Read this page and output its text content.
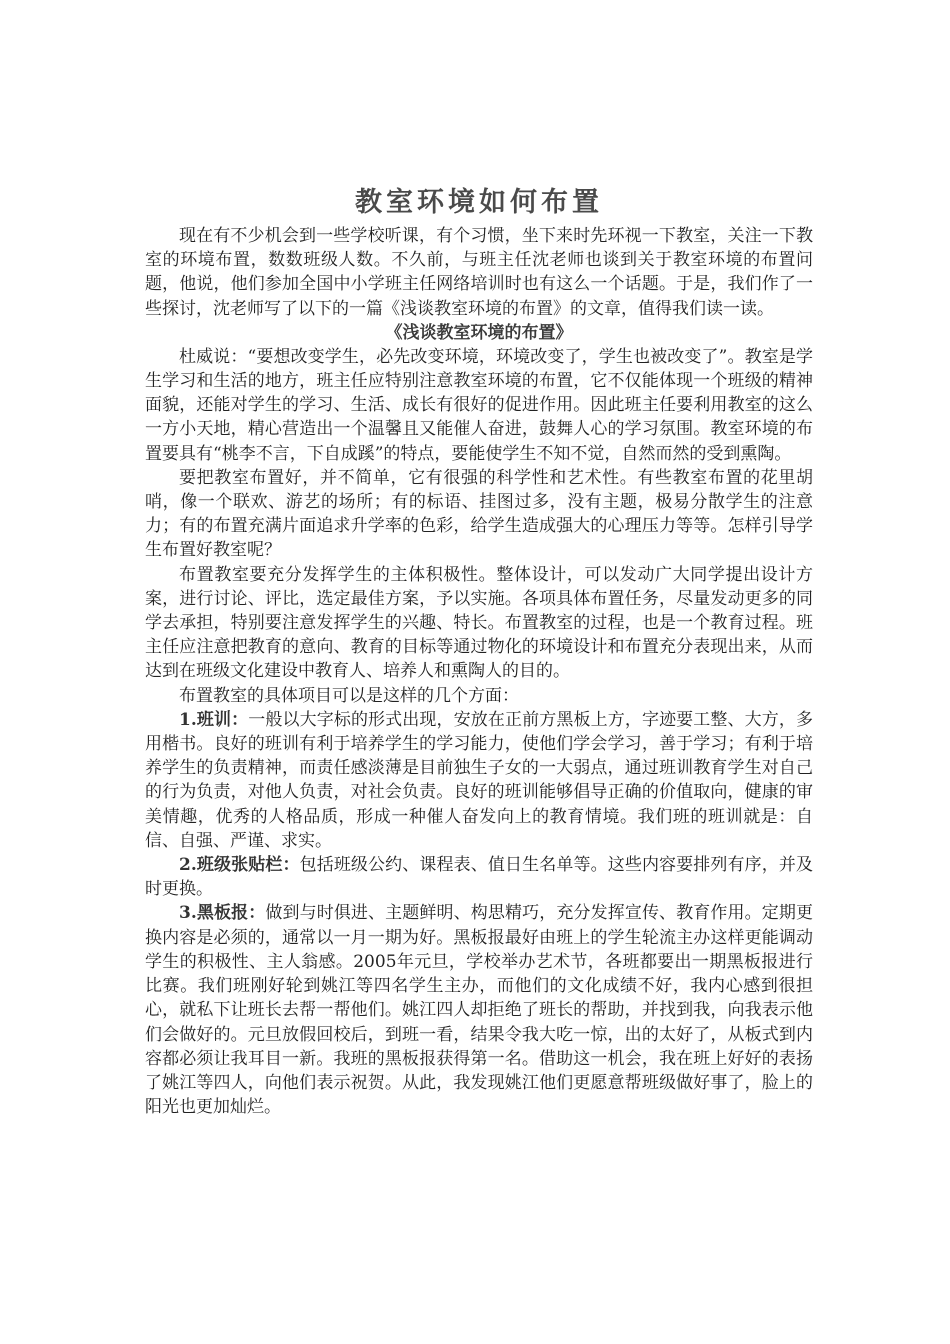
教室环境如何布置

现在有不少机会到一些学校听课，有个习惯，坐下来时先环视一下教室，关注一下教室的环境布置，数数班级人数。不久前，与班主任沈老师也谈到关于教室环境的布置问题，他说，他们参加全国中小学班主任网络培训时也有这么一个话题。于是，我们作了一些探讨，沈老师写了以下的一篇《浅谈教室环境的布置》的文章，值得我们读一读。

《浅谈教室环境的布置》

杜威说：“要想改变学生，必先改变环境，环境改变了，学生也被改变了”。教室是学生学习和生活的地方，班主任应特别注意教室环境的布置，它不仅能体现一个班级的精神面貌，还能对学生的学习、生活、成长有很好的促进作用。因此班主任要利用教室的这么一方小天地，精心营造出一个温馨且又能催人奋进，鼓舞人心的学习氛围。教室环境的布置要具有“桃李不言，下自成蹊”的特点，要能使学生不知不觉，自然而然的受到熏陶。

要把教室布置好，并不简单，它有很强的科学性和艺术性。有些教室布置的花里胡哨，像一个联欢、游艺的场所；有的标语、挂图过多，没有主题，极易分散学生的注意力；有的布置充满片面追求升学率的色彩，给学生造成强大的心理压力等等。怎样引导学生布置好教室呢？

布置教室要充分发挥学生的主体积极性。整体设计，可以发动广大同学提出设计方案，进行讨论、评比，选定最佳方案，予以实施。各项具体布置任务，尽量发动更多的同学去承担，特别要注意发挥学生的兴趣、特长。布置教室的过程，也是一个教育过程。班主任应注意把教育的意向、教育的目标等通过物化的环境设计和布置充分表现出来，从而达到在班级文化建设中教育人、培养人和熏陶人的目的。

布置教室的具体项目可以是这样的几个方面：

1.班训：一般以大字标的形式出现，安放在正前方黑板上方，字迹要工整、大方，多用楷书。良好的班训有利于培养学生的学习能力，使他们学会学习，善于学习；有利于培养学生的负责精神，而责任感淡薄是目前独生子女的一大弱点，通过班训教育学生对自己的行为负责，对他人负责，对社会负责。良好的班训能够倡导正确的价值取向，健康的审美情趣，优秀的人格品质，形成一种催人奋发向上的教育情境。我们班的班训就是：自信、自强、严谨、求实。

2.班级张贴栏：包括班级公约、课程表、值日生名单等。这些内容要排列有序，并及时更换。

3.黑板报：做到与时俱进、主题鲜明、构思精巧，充分发挥宣传、教育作用。定期更换内容是必须的，通常以一月一期为好。黑板报最好由班上的学生轮流主办这样更能调动学生的积极性、主人翁感。2005年元旦，学校举办艺术节，各班都要出一期黑板报进行比赛。我们班刚好轮到姚江等四名学生主办，而他们的文化成绩不好，我内心感到很担心，就私下让班长去帮一帮他们。姚江四人却拒绝了班长的帮助，并找到我，向我表示他们会做好的。元旦放假回校后，到班一看，结果令我大吃一惊，出的太好了，从板式到内容都必须让我耳目一新。我班的黑板报获得第一名。借助这一机会，我在班上好好的表扬了姚江等四人，向他们表示祝贺。从此，我发现姚江他们更愿意帮班级做好事了，脸上的阳光也更加灿烂。
